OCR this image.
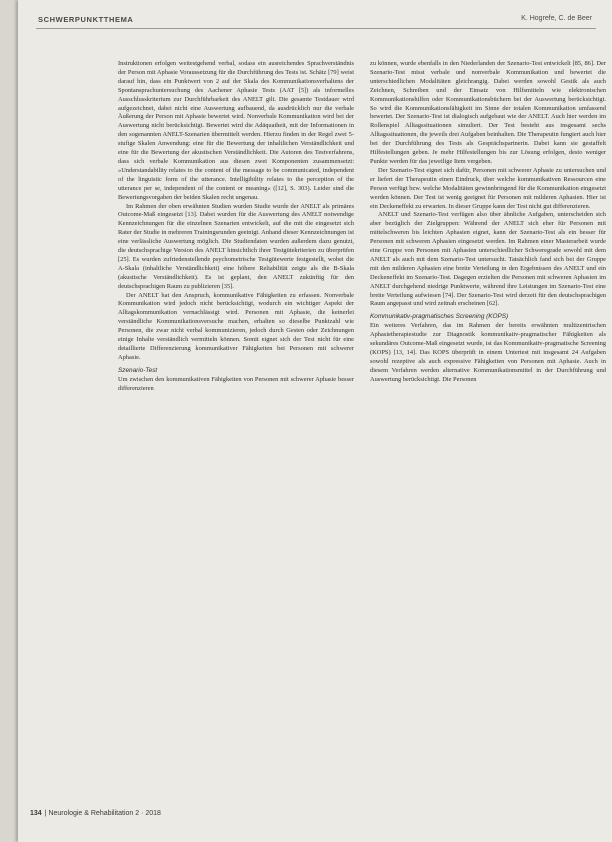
SCHWERPUNKTTHEMA	K. Hogrefe, C. de Beer

Instruktionen erfolgen weitestgehend verbal, sodass ein ausreichendes Sprachverständnis der Person mit Aphasie Voraussetzung für die Durchführung des Tests ist. Schätz [79] weist darauf hin, dass ein Punktwert von 2 auf der Skala des Kommunikationsverhaltens der Spontansprachuntersuchung des Aachener Aphasie Tests (AAT [5]) als informelles Ausschlusskriterium zur Durchführbarkeit des ANELT gilt. Die gesamte Testdauer wird aufgezeichnet, dabei nicht eine Auswertung aufbauend, da ausdrücklich nur die verbale Äußerung der Person mit Aphasie bewertet wird. Nonverbale Kommunikation wird bei der Auswertung nicht berücksichtigt. Bewertet wird die Adäquatheit, mit der Informationen in den sogenannten ANELT-Szenarien übermittelt werden. Hierzu finden in der Regel zwei 5-stufige Skalen Anwendung: eine für die Bewertung der inhaltlichen Verständlichkeit und eine für die Bewertung der akustischen Verständlichkeit. Die Autoren des Testverfahrens, dass sich verbale Kommunikation aus diesen zwei Komponenten zusammensetzt: »Understandability relates to the content of the message to be communicated, independent of the linguistic form of the utterance. Intelligibility relates to the perception of the utterance per se, independent of the content or meaning« ([12], S. 303). Leider sind die Bewertungsvorgaben der beiden Skalen recht ungenau.

Im Rahmen der oben erwähnten Studien wurden Studie wurde der ANELT als primäres Outcome-Maß eingesetzt [13]. Dabei wurden für die Auswertung des ANELT notwendige Kennzeichnungen für die einzelnen Szenarien entwickelt, auf die mit die eingesetzt sich Rater der Studie in mehreren Trainingsrunden geeinigt. Anhand dieser Kennzeichnungen ist eine verlässliche Auswertung möglich. Die Studiendaten wurden außerdem dazu genutzt, die deutschsprachige Version des ANELT hinsichtlich ihrer Testgütekriterien zu überprüfen [25]. Es wurden zufriedenstellende psychometrische Testgütewerte festgestellt, wobei die A-Skala (inhaltliche Verständlichkeit) eine höhere Reliabilität zeigte als die B-Skala (akustische Verständlichkeit). Es ist geplant, den ANELT zukünftig für den deutschsprachigen Raum zu publizieren [35].

Der ANELT hat den Anspruch, kommunikative Fähigkeiten zu erfassen. Nonverbale Kommunikation wird jedoch nicht berücksichtigt, wodurch ein wichtiger Aspekt der Alltagskommunikation vernachlässigt wird. Personen mit Aphasie, die keinerlei verständliche Kommunikationsversuche machen, erhalten so dieselbe Punktzahl wie Personen, die zwar nicht verbal kommunizieren, jedoch durch Gesten oder Zeichnungen einige Inhalte verständlich vermitteln können. Somit eignet sich der Test nicht für eine detaillierte Differenzierung kommunikativer Fähigkeiten bei Personen mit schwerer Aphasie.

Szenario-Test

Um zwischen den kommunikativen Fähigkeiten von Personen mit schwerer Aphasie besser differenzieren

zu können, wurde ebenfalls in den Niederlanden der Szenario-Test entwickelt [85, 86]. Der Szenario-Test misst verbale und nonverbale Kommunikation und bewertet die unterschiedlichen Modalitäten gleichrangig. Dabei werden sowohl Gestik als auch Zeichnen, Schreiben und der Einsatz von Hilfsmitteln wie elektronischen Kommunikationshilfen oder Kommunikationsbüchern bei der Auswertung berücksichtigt. So wird die Kommunikationsfähigkeit im Sinne der totalen Kommunikation umfassend bewertet. Der Szenario-Test ist dialogisch aufgebaut wie der ANELT. Auch hier werden im Rollenspiel Alltagssituationen simuliert. Der Test besteht aus insgesamt sechs Alltagssituationen, die jeweils drei Aufgaben beinhalten. Die Therapeutin fungiert auch hier bei der Durchführung des Tests als Gesprächspartnerin. Dabei kann sie gestaffelt Hilfestellungen geben. Je mehr Hilfestellungen bis zur Lösung erfolgen, desto weniger Punkte werden für das jeweilige Item vergeben.

Der Szenario-Test eignet sich dafür, Personen mit schwerer Aphasie zu untersuchen und er liefert der Therapeutin einen Eindruck, über welche kommunikativen Ressourcen eine Person verfügt bzw. welche Modalitäten gewinnbringend für die Kommunikation eingesetzt werden können. Der Test ist wenig geeignet für Personen mit milderen Aphasien. Hier ist ein Deckeneffekt zu erwarten. In dieser Gruppe kann der Test nicht gut differenzieren.

ANELT und Szenario-Test verfügen also über ähnliche Aufgaben, unterscheiden sich aber bezüglich der Zielgruppen: Während der ANELT sich eher für Personen mit mittelschweren bis leichten Aphasien eignet, kann der Szenario-Test als ein besser für Personen mit schweren Aphasien eingesetzt werden. Im Rahmen einer Masterarbeit wurde eine Gruppe von Personen mit Aphasien unterschiedlicher Schweregrade sowohl mit dem ANELT als auch mit dem Szenario-Test untersucht. Tatsächlich fand sich bei der Gruppe mit den milderen Aphasien eine breite Verteilung in den Ergebnissen des ANELT und ein Deckeneffekt im Szenario-Test. Dagegen erzielten die Personen mit schweren Aphasien im ANELT durchgehend niedrige Punktwerte, während ihre Leistungen im Szenario-Test eine breite Verteilung aufwiesen [74]. Der Szenario-Test wird derzeit für den deutschsprachigen Raum angepasst und wird zeitnah erscheinen [62].

Kommunikativ-pragmatisches Screening (KOPS)

Ein weiteres Verfahren, das im Rahmen der bereits erwähnten multizentrischen Aphasietherapiestudie zur Diagnostik kommunikativ-pragmatischer Fähigkeiten als sekundäres Outcome-Maß eingesetzt wurde, ist das Kommunikativ-pragmatische Screening (KOPS) [13, 14]. Das KOPS überprüft in einem Untertest mit insgesamt 24 Aufgaben sowohl rezeptive als auch expressive Fähigkeiten von Personen mit Aphasie. Auch in diesem Verfahren werden alternative Kommunikationsmittel in der Durchführung und Auswertung berücksichtigt. Die Personen

134 | Neurologie & Rehabilitation 2 · 2018
